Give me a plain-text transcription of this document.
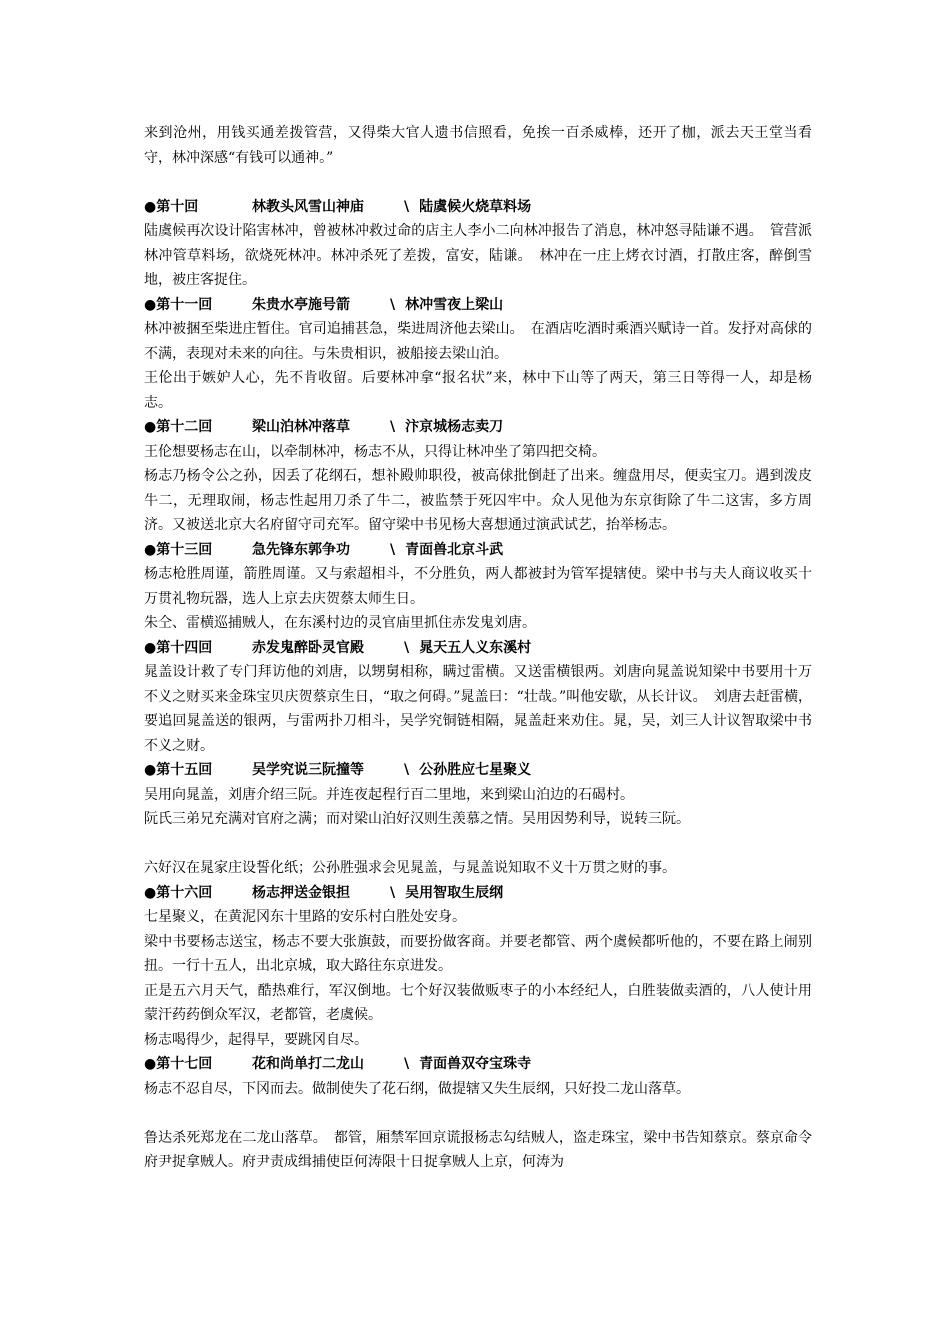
来到沧州，用钱买通差拨管营，又得柴大官人遗书信照看，免挨一百杀威棒，还开了枷，派去天王堂当看守，林冲深感“有钱可以通神。”

●第十回	林教头风雪山神庙	\ 陆虞候火烧草料场

陆虞候再次设计陷害林冲，曾被林冲救过命的店主人李小二向林冲报告了消息，林冲怒寻陆谦不遇。　管营派林冲管草料场，欲烧死林冲。林冲杀死了差拨，富安，陆谦。　林冲在一庄上烤衣讨酒，打散庄客，醉倒雪地，被庄客捉住。

●第十一回	朱贵水亭施号箭	\ 林冲雪夜上梁山

林冲被捆至柴进庄暂住。官司追捕甚急，柴进周济他去梁山。　在酒店吃酒时乘酒兴赋诗一首。发抒对高俅的不满，表现对未来的向往。与朱贵相识，被船接去梁山泊。

王伦出于嫉妒人心，先不肯收留。后要林冲拿“报名状”来，林中下山等了两天，第三日等得一人，却是杨志。

●第十二回	梁山泊林冲落草	\ 汴京城杨志卖刀

王伦想要杨志在山，以牵制林冲，杨志不从，只得让林冲坐了第四把交椅。

杨志乃杨令公之孙，因丢了花纲石，想补殿帅职役，被高俅批倒赶了出来。缠盘用尽，便卖宝刀。遇到泼皮牛二，无理取闹，杨志性起用刀杀了牛二，被监禁于死囚牢中。众人见他为东京街除了牛二这害，多方周济。又被送北京大名府留守司充军。留守梁中书见杨大喜想通过演武试艺，抬举杨志。

●第十三回	急先锋东郭争功	\ 青面兽北京斗武

杨志枪胜周谨，箭胜周谨。又与索超相斗，不分胜负，两人都被封为管军提辖使。梁中书与夫人商议收买十万贯礼物玩器，选人上京去庆贺蔡太师生日。

朱仝、雷横巡捕贼人，在东溪村边的灵官庙里抓住赤发鬼刘唐。

●第十四回	赤发鬼醉卧灵官殿	\ 晁天五人义东溪村

晁盖设计救了专门拜访他的刘唐，以甥舅相称，瞒过雷横。又送雷横银两。刘唐向晁盖说知梁中书要用十万不义之财买来金珠宝贝庆贺蔡京生日，“取之何碍。”晁盖曰：“壮哉。”叫他安歇，从长计议。　刘唐去赶雷横，要追回晁盖送的银两，与雷两扑刀相斗，吴学究铜链相隔，晁盖赶来劝住。晁，吴，刘三人计议智取梁中书不义之财。

●第十五回	吴学究说三阮撞等	\ 公孙胜应七星聚义

吴用向晁盖，刘唐介绍三阮。并连夜起程行百二里地，来到梁山泊边的石碣村。

阮氏三弟兄充满对官府之满；而对梁山泊好汉则生羡慕之情。吴用因势利导，说转三阮。

六好汉在晁家庄设誓化纸；公孙胜强求会见晁盖，与晁盖说知取不义十万贯之财的事。

●第十六回	杨志押送金银担	\ 吴用智取生辰纲

七星聚义，在黄泥冈东十里路的安乐村白胜处安身。

梁中书要杨志送宝，杨志不要大张旗鼓，而要扮做客商。并要老都管、两个虞候都听他的，不要在路上闹别扭。一行十五人，出北京城，取大路往东京进发。

正是五六月天气，酷热难行，军汉倒地。七个好汉装做贩枣子的小本经纪人，白胜装做卖酒的，八人使计用蒙汗药药倒众军汉，老都管，老虞候。

杨志喝得少，起得早，要跳冈自尽。

●第十七回	花和尚单打二龙山	\ 青面兽双夺宝珠寺

杨志不忍自尽，下冈而去。做制使失了花石纲，做提辖又失生辰纲，只好投二龙山落草。

鲁达杀死郑龙在二龙山落草。　都管，厢禁军回京谎报杨志勾结贼人，盗走珠宝，梁中书告知蔡京。蔡京命令府尹捉拿贼人。府尹责成缉捕使臣何涛限十日捉拿贼人上京，何涛为
